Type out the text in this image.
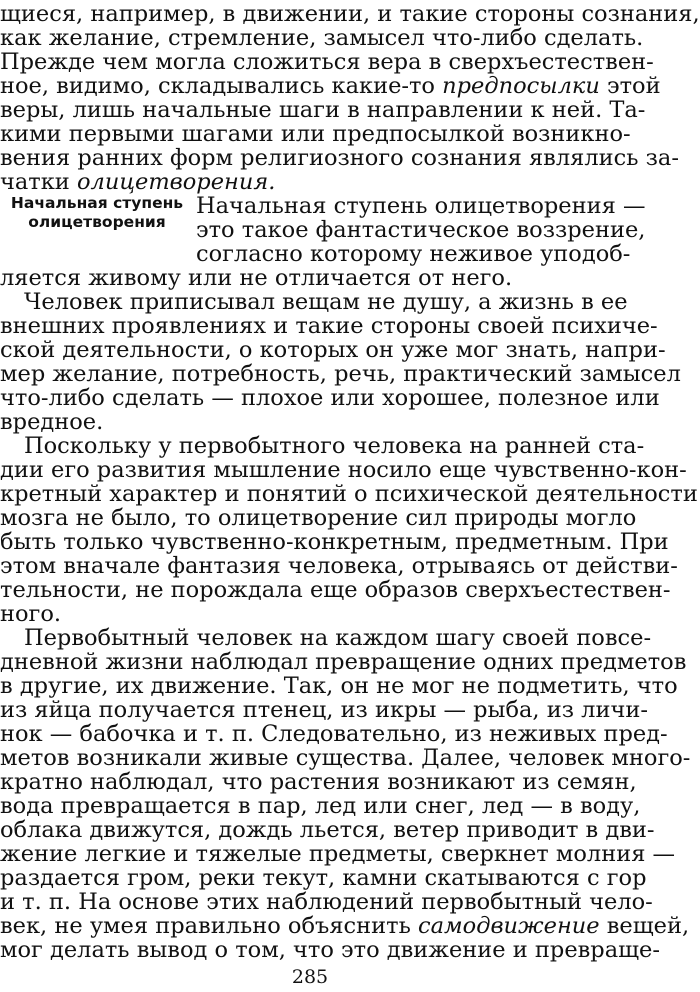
щиеся, например, в движении, и такие стороны сознания,
как желание, стремление, замысел что-либо сделать.
Прежде чем могла сложиться вера в сверхъестествен-
ное, видимо, складывались какие-то предпосылки этой
веры, лишь начальные шаги в направлении к ней. Та-
кими первыми шагами или предпосылкой возникно-
вения ранних форм религиозного сознания являлись за-
чатки олицетворения.
Начальная ступень
олицетворения
Начальная ступень олицетворения —
это такое фантастическое воззрение,
согласно которому неживое уподоб-
ляется живому или не отличается от него.
Человек приписывал вещам не душу, а жизнь в ее
внешних проявлениях и такие стороны своей психиче-
ской деятельности, о которых он уже мог знать, напри-
мер желание, потребность, речь, практический замысел
что-либо сделать — плохое или хорошее, полезное или
вредное.
Поскольку у первобытного человека на ранней ста-
дии его развития мышление носило еще чувственно-кон-
кретный характер и понятий о психической деятельности
мозга не было, то олицетворение сил природы могло
быть только чувственно-конкретным, предметным. При
этом вначале фантазия человека, отрываясь от действи-
тельности, не порождала еще образов сверхъестествен-
ного.
Первобытный человек на каждом шагу своей повсе-
дневной жизни наблюдал превращение одних предметов
в другие, их движение. Так, он не мог не подметить, что
из яйца получается птенец, из икры — рыба, из личи-
нок — бабочка и т. п. Следовательно, из неживых пред-
метов возникали живые существа. Далее, человек много-
кратно наблюдал, что растения возникают из семян,
вода превращается в пар, лед или снег, лед — в воду,
облака движутся, дождь льется, ветер приводит в дви-
жение легкие и тяжелые предметы, сверкнет молния —
раздается гром, реки текут, камни скатываются с гор
и т. п. На основе этих наблюдений первобытный чело-
век, не умея правильно объяснить самодвижение вещей,
мог делать вывод о том, что это движение и превраще-
285
